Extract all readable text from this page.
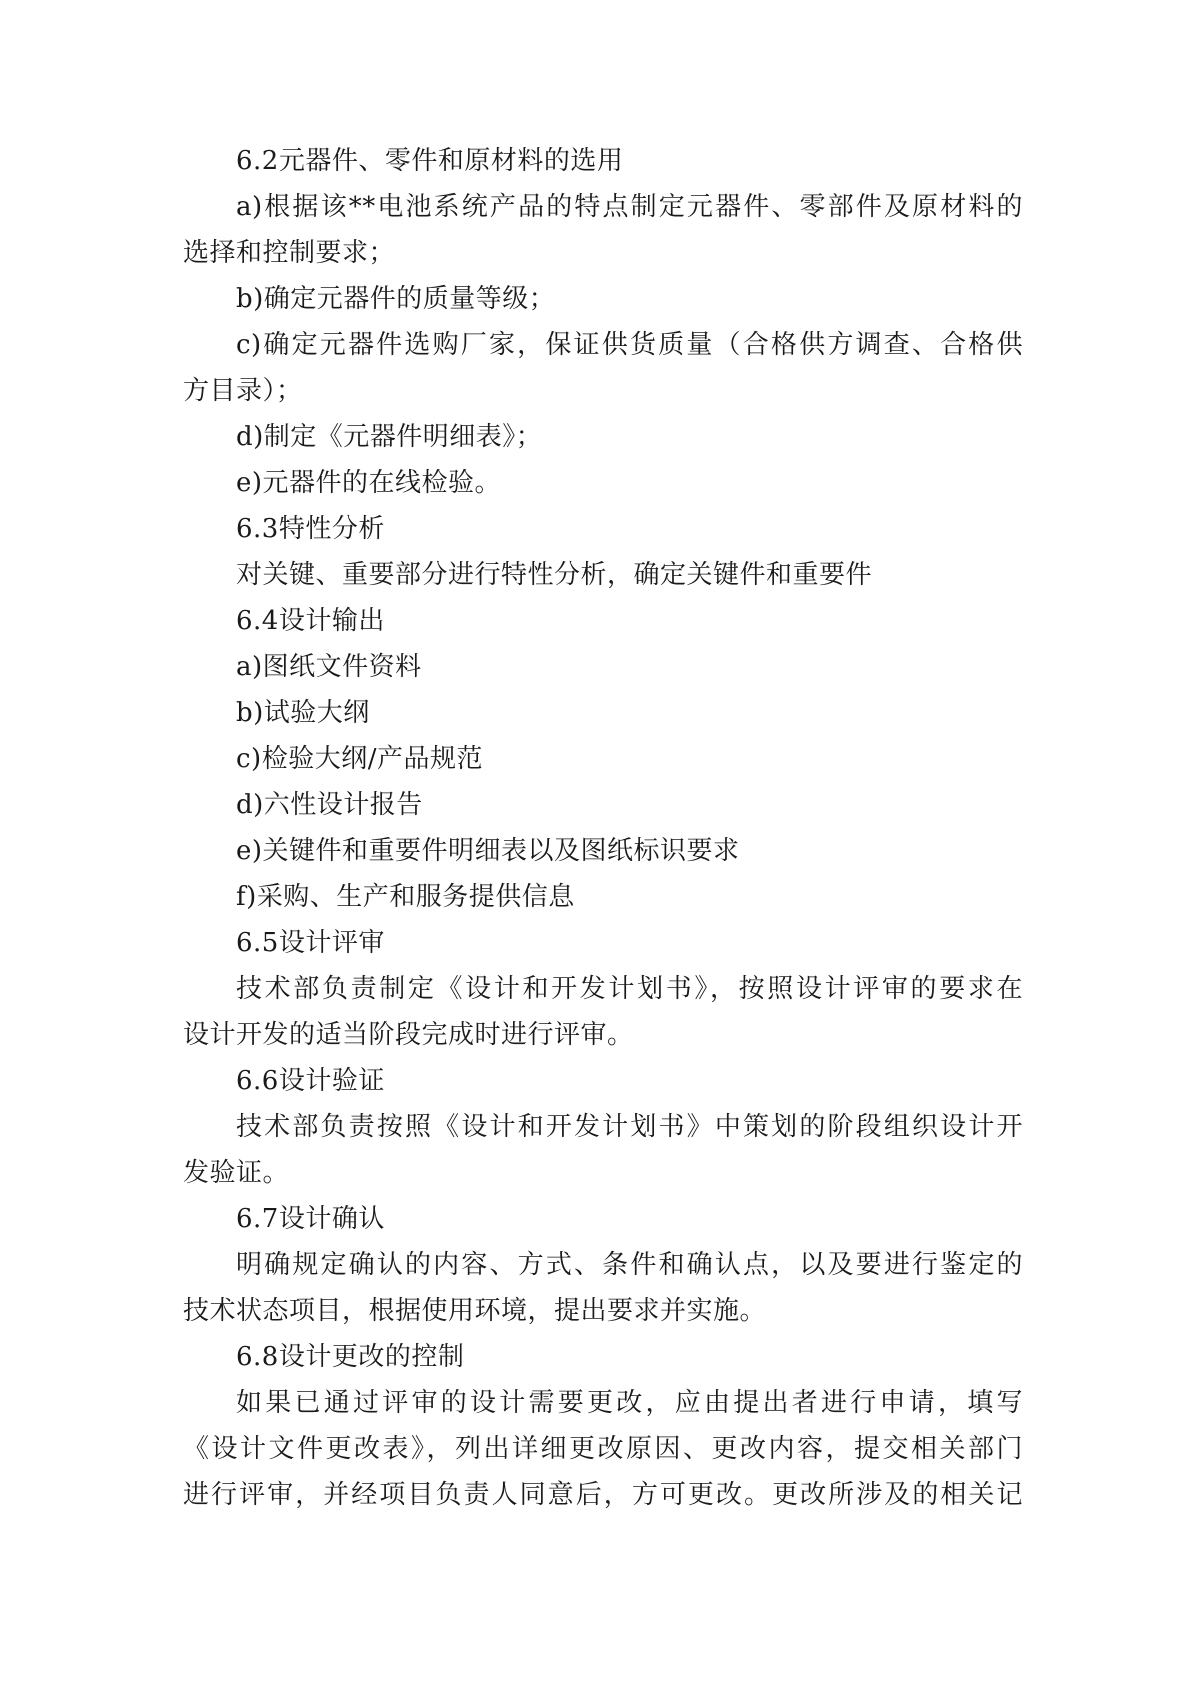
6.2元器件、零件和原材料的选用
a)根据该**电池系统产品的特点制定元器件、零部件及原材料的
选择和控制要求；
b)确定元器件的质量等级；
c)确定元器件选购厂家，保证供货质量（合格供方调查、合格供
方目录）；
d)制定《元器件明细表》；
e)元器件的在线检验。
6.3特性分析
对关键、重要部分进行特性分析，确定关键件和重要件
6.4设计输出
a)图纸文件资料
b)试验大纲
c)检验大纲/产品规范
d)六性设计报告
e)关键件和重要件明细表以及图纸标识要求
f)采购、生产和服务提供信息
6.5设计评审
技术部负责制定《设计和开发计划书》，按照设计评审的要求在
设计开发的适当阶段完成时进行评审。
6.6设计验证
技术部负责按照《设计和开发计划书》中策划的阶段组织设计开
发验证。
6.7设计确认
明确规定确认的内容、方式、条件和确认点，以及要进行鉴定的
技术状态项目，根据使用环境，提出要求并实施。
6.8设计更改的控制
如果已通过评审的设计需要更改，应由提出者进行申请，填写
《设计文件更改表》，列出详细更改原因、更改内容，提交相关部门
进行评审，并经项目负责人同意后，方可更改。更改所涉及的相关记
